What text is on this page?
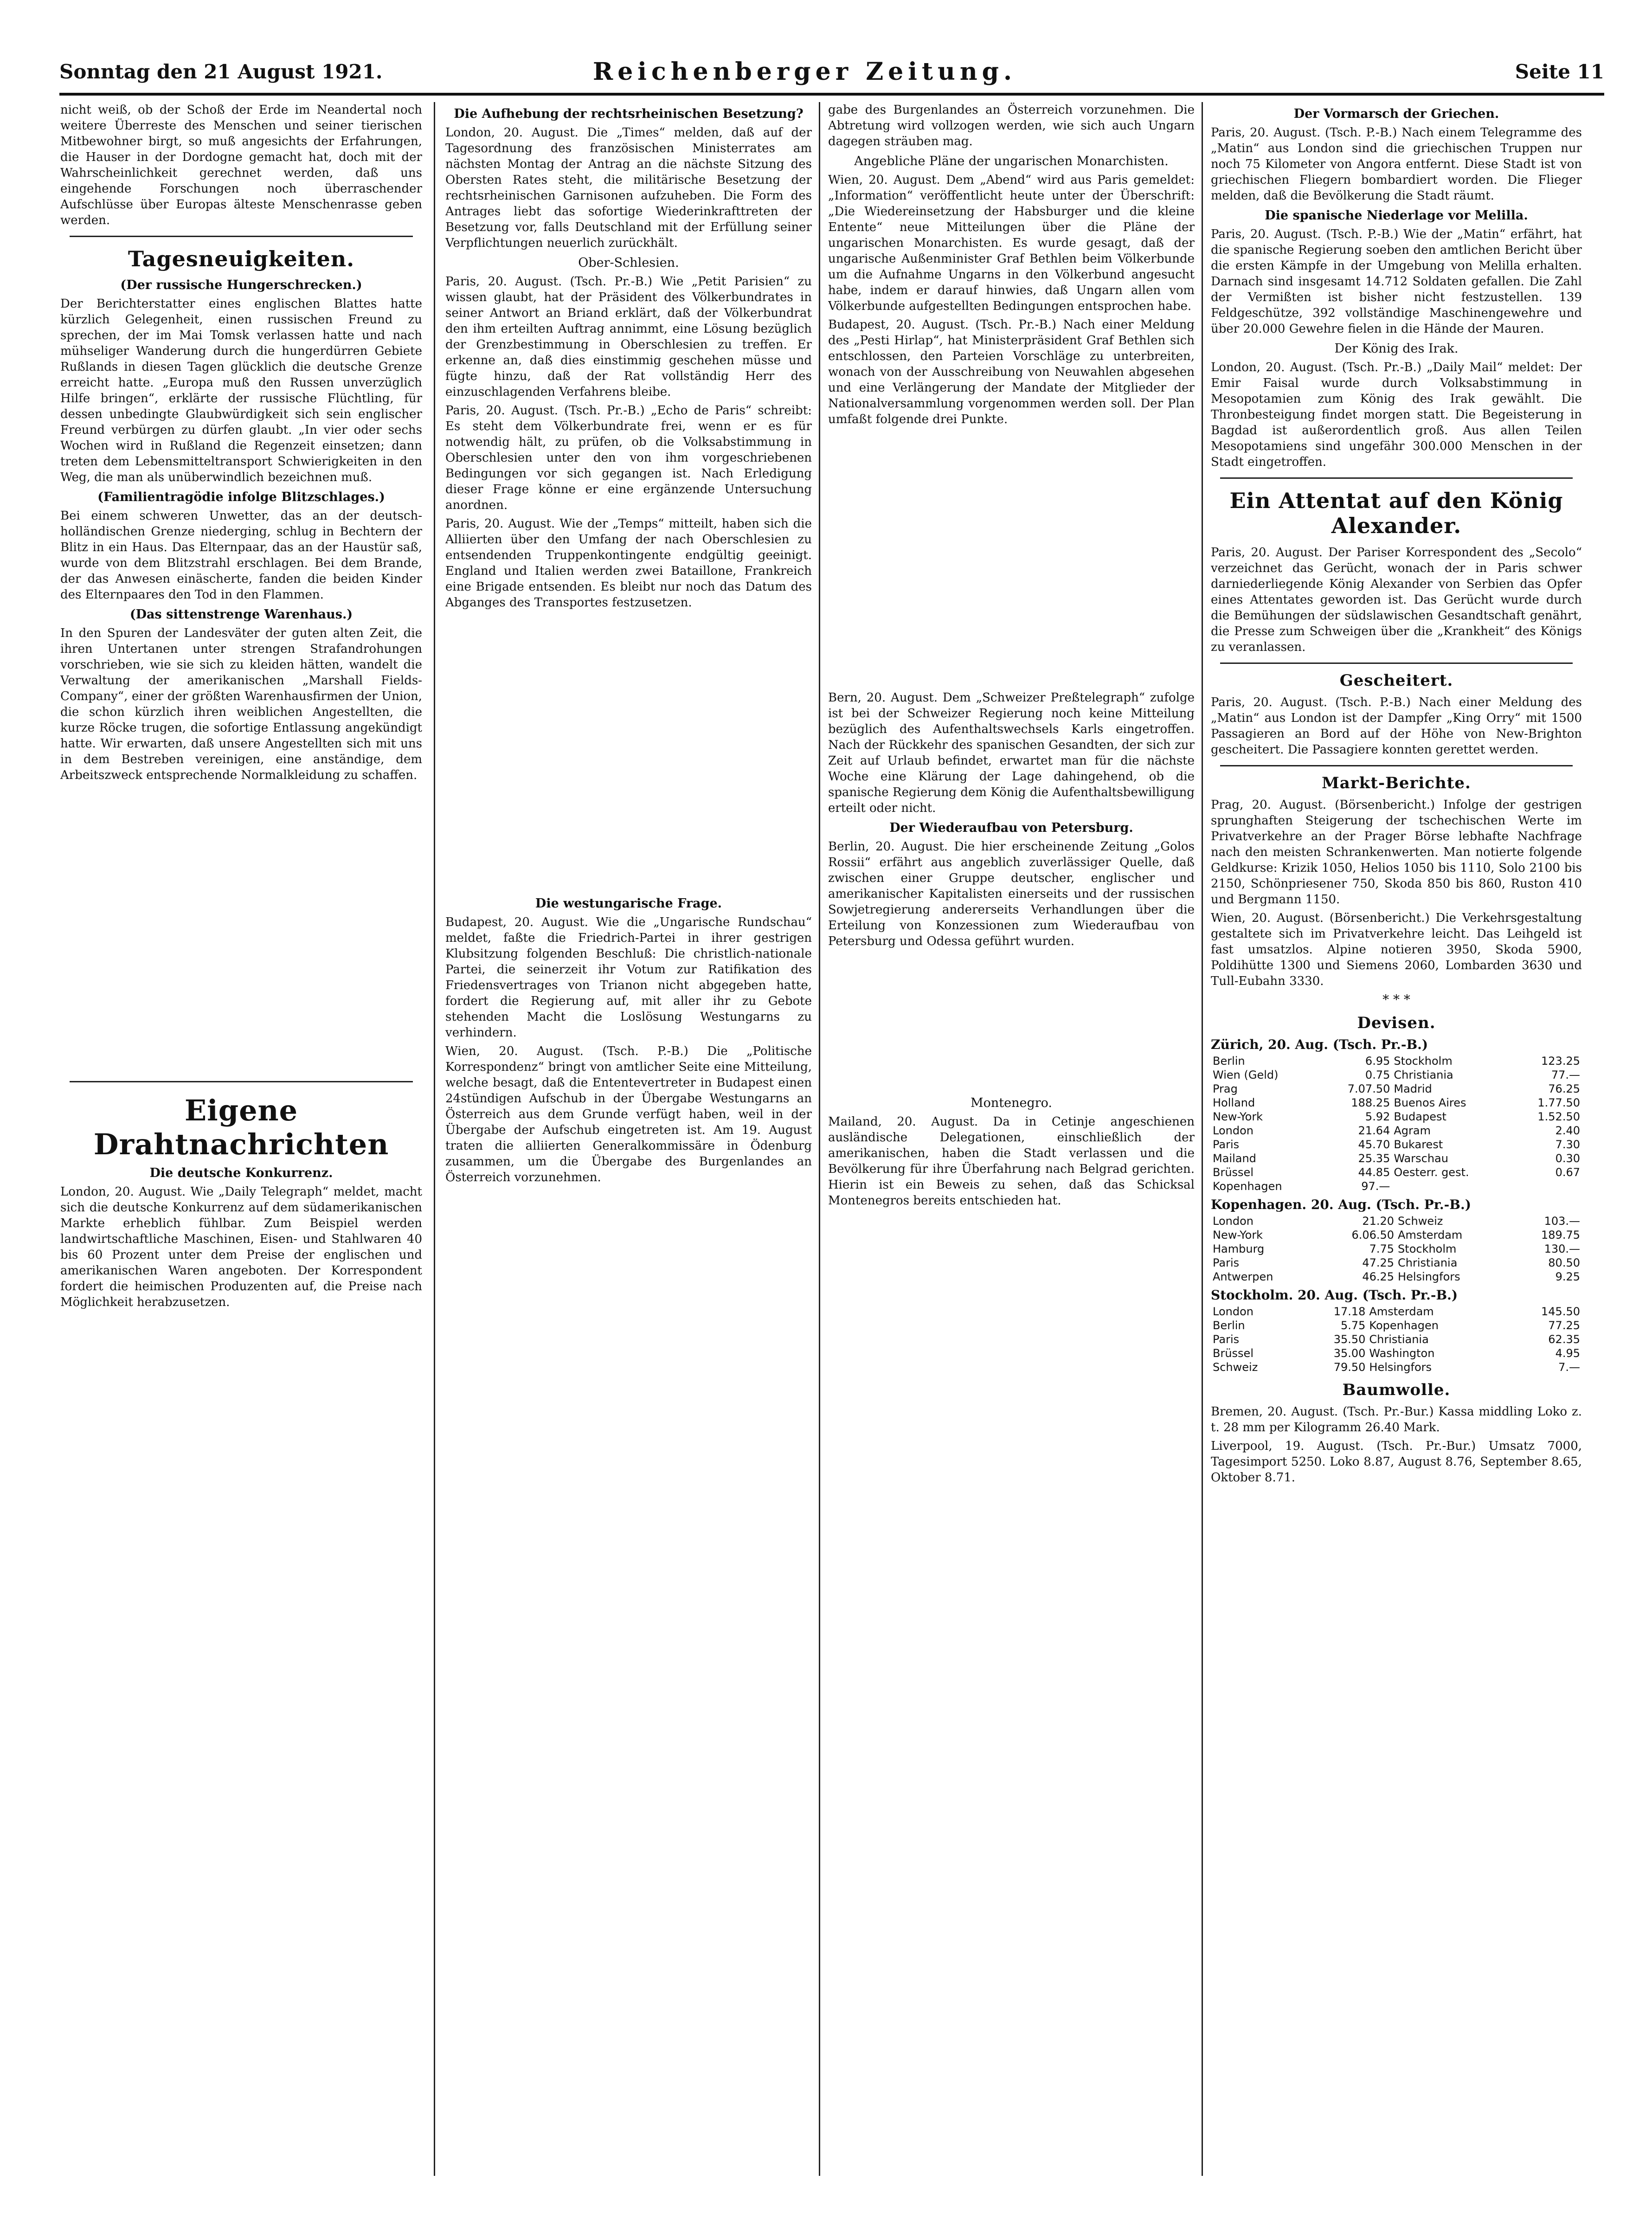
Sonntag den 21 August 1921.	Reichenberger Zeitung.	Seite 11

nicht weiß, ob der Schoß der Erde im Neandertal noch weitere Überreste des Menschen und seiner tierischen Mitbewohner birgt, so muß angesichts der Erfahrungen, die Hauser in der Dordogne gemacht hat, doch mit der Wahrscheinlichkeit gerechnet werden, daß uns eingehende Forschungen noch überraschender Aufschlüsse über Europas älteste Menschenrasse geben werden.

Tagesneuigkeiten.
(Der russische Hungerschrecken.)

Der Berichterstatter eines englischen Blattes hatte kürzlich Gelegenheit, einen russischen Freund zu sprechen, der im Mai Tomsk verlassen hatte und nach mühseliger Wanderung durch die hungerdürren Gebiete Rußlands in diesen Tagen glücklich die deutsche Grenze erreicht hatte. „Europa muß den Russen unverzüglich Hilfe bringen“, erklärte der russische Flüchtling, für dessen unbedingte Glaubwürdigkeit sich sein englischer Freund verbürgen zu dürfen glaubt. „In vier oder sechs Wochen wird in Rußland die Regenzeit einsetzen; dann treten dem Lebensmitteltransport Schwierigkeiten in den Weg, die man als unüberwindlich bezeichnen muß.

(Familientragödie infolge Blitzschlages.)

Bei einem schweren Unwetter, das an der deutsch-holländischen Grenze niederging, schlug in Bechtern der Blitz in ein Haus. Das Elternpaar, das an der Haustür saß, wurde von dem Blitzstrahl erschlagen. Bei dem Brande, der das Anwesen einäscherte, fanden die beiden Kinder des Elternpaares den Tod in den Flammen.

(Das sittenstrenge Warenhaus.)

In den Spuren der Landesväter der guten alten Zeit, die ihren Untertanen unter strengen Strafandrohungen vorschrieben, wie sie sich zu kleiden hätten, wandelt die Verwaltung der amerikanischen „Marshall Fields-Company“, einer der größten Warenhausfirmen der Union, die schon kürzlich ihren weiblichen Angestellten, die kurze Röcke trugen, die sofortige Entlassung angekündigt hatte. Wir erwarten, daß unsere Angestellten sich mit uns in dem Bestreben vereinigen, eine anständige, dem Arbeitszweck entsprechende Normalkleidung zu schaffen.

Eigene Drahtnachrichten
Die deutsche Konkurrenz.

London, 20. August. Wie „Daily Telegraph“ meldet, macht sich die deutsche Konkurrenz auf dem südamerikanischen Markte erheblich fühlbar. Zum Beispiel werden landwirtschaftliche Maschinen, Eisen- und Stahlwaren 40 bis 60 Prozent unter dem Preise der englischen und amerikanischen Waren angeboten. Der Korrespondent fordert die heimischen Produzenten auf, die Preise nach Möglichkeit herabzusetzen.

Die Aufhebung der rechtsrheinischen Besetzung?

London, 20. August. Die „Times“ melden, daß auf der Tagesordnung des französischen Ministerrates am nächsten Montag der Antrag an die nächste Sitzung des Obersten Rates steht, die militärische Besetzung der rechtsrheinischen Garnisonen aufzuheben. Die Form des Antrages liebt das sofortige Wiederinkrafttreten der Besetzung vor, falls Deutschland mit der Erfüllung seiner Verpflichtungen neuerlich zurückhält.

Ober-Schlesien.

Paris, 20. August. (Tsch. Pr.-B.) Wie „Petit Parisien“ zu wissen glaubt, hat der Präsident des Völkerbundrates in seiner Antwort an Briand erklärt, daß der Völkerbundrat den ihm erteilten Auftrag annimmt, eine Lösung bezüglich der Grenzbestimmung in Oberschlesien zu treffen. Er erkenne an, daß dies einstimmig geschehen müsse und fügte hinzu, daß der Rat vollständig Herr des einzuschlagenden Verfahrens bleibe.

Paris, 20. August. (Tsch. Pr.-B.) „Echo de Paris“ schreibt: Es steht dem Völkerbundrate frei, wenn er es für notwendig hält, zu prüfen, ob die Volksabstimmung in Oberschlesien unter den von ihm vorgeschriebenen Bedingungen vor sich gegangen ist. Nach Erledigung dieser Frage könne er eine ergänzende Untersuchung anordnen.

Paris, 20. August. Wie der „Temps“ mitteilt, haben sich die Alliierten über den Umfang der nach Oberschlesien zu entsendenden Truppenkontingente endgültig geeinigt. England und Italien werden zwei Bataillone, Frankreich eine Brigade entsenden. Es bleibt nur noch das Datum des Abganges des Transportes festzusetzen.

Die westungarische Frage.

Budapest, 20. August. Wie die „Ungarische Rundschau“ meldet, faßte die Friedrich-Partei in ihrer gestrigen Klubsitzung folgenden Beschluß: Die christlich-nationale Partei, die seinerzeit ihr Votum zur Ratifikation des Friedensvertrages von Trianon nicht abgegeben hatte, fordert die Regierung auf, mit aller ihr zu Gebote stehenden Macht die Loslösung Westungarns zu verhindern.

Wien, 20. August. (Tsch. P.-B.) Die „Politische Korrespondenz“ bringt von amtlicher Seite eine Mitteilung, welche besagt, daß die Ententevertreter in Budapest einen 24stündigen Aufschub in der Übergabe Westungarns an Österreich aus dem Grunde verfügt haben, weil in der Übergabe der Aufschub eingetreten ist. Am 19. August traten die alliierten Generalkommissäre in Ödenburg zusammen, um die Übergabe des Burgenlandes an Österreich vorzunehmen.

gabe des Burgenlandes an Österreich vorzunehmen. Die Abtretung wird vollzogen werden, wie sich auch Ungarn dagegen sträuben mag.

Angebliche Pläne der ungarischen Monarchisten.

Wien, 20. August. Dem „Abend“ wird aus Paris gemeldet: „Information“ veröffentlicht heute unter der Überschrift: „Die Wiedereinsetzung der Habsburger und die kleine Entente“ neue Mitteilungen über die Pläne der ungarischen Monarchisten. Es wurde gesagt, daß der ungarische Außenminister Graf Bethlen beim Völkerbunde um die Aufnahme Ungarns in den Völkerbund angesucht habe, indem er darauf hinwies, daß Ungarn allen vom Völkerbunde aufgestellten Bedingungen entsprochen habe.

Budapest, 20. August. (Tsch. Pr.-B.) Nach einer Meldung des „Pesti Hirlap“, hat Ministerpräsident Graf Bethlen sich entschlossen, den Parteien Vorschläge zu unterbreiten, wonach von der Ausschreibung von Neuwahlen abgesehen und eine Verlängerung der Mandate der Mitglieder der Nationalversammlung vorgenommen werden soll. Der Plan umfaßt folgende drei Punkte.

Bern, 20. August. Dem „Schweizer Preßtelegraph“ zufolge ist bei der Schweizer Regierung noch keine Mitteilung bezüglich des Aufenthaltswechsels Karls eingetroffen. Nach der Rückkehr des spanischen Gesandten, der sich zur Zeit auf Urlaub befindet, erwartet man für die nächste Woche eine Klärung der Lage dahingehend, ob die spanische Regierung dem König die Aufenthaltsbewilligung erteilt oder nicht.

Der Wiederaufbau von Petersburg.

Berlin, 20. August. Die hier erscheinende Zeitung „Golos Rossii“ erfährt aus angeblich zuverlässiger Quelle, daß zwischen einer Gruppe deutscher, englischer und amerikanischer Kapitalisten einerseits und der russischen Sowjetregierung andererseits Verhandlungen über die Erteilung von Konzessionen zum Wiederaufbau von Petersburg und Odessa geführt wurden.

Montenegro.

Mailand, 20. August. Da in Cetinje angeschienen ausländische Delegationen, einschließlich der amerikanischen, haben die Stadt verlassen und die Bevölkerung für ihre Überfahrung nach Belgrad gerichten. Hierin ist ein Beweis zu sehen, daß das Schicksal Montenegros bereits entschieden hat.

Der Vormarsch der Griechen.

Paris, 20. August. (Tsch. P.-B.) Nach einem Telegramme des „Matin“ aus London sind die griechischen Truppen nur noch 75 Kilometer von Angora entfernt. Diese Stadt ist von griechischen Fliegern bombardiert worden. Die Flieger melden, daß die Bevölkerung die Stadt räumt.

Die spanische Niederlage vor Melilla.

Paris, 20. August. (Tsch. P.-B.) Wie der „Matin“ erfährt, hat die spanische Regierung soeben den amtlichen Bericht über die ersten Kämpfe in der Umgebung von Melilla erhalten. Darnach sind insgesamt 14.712 Soldaten gefallen. Die Zahl der Vermißten ist bisher nicht festzustellen. 139 Feldgeschütze, 392 vollständige Maschinengewehre und über 20.000 Gewehre fielen in die Hände der Mauren.

Der König des Irak.

London, 20. August. (Tsch. Pr.-B.) „Daily Mail“ meldet: Der Emir Faisal wurde durch Volksabstimmung in Mesopotamien zum König des Irak gewählt. Die Thronbesteigung findet morgen statt. Die Begeisterung in Bagdad ist außerordentlich groß. Aus allen Teilen Mesopotamiens sind ungefähr 300.000 Menschen in der Stadt eingetroffen.

Ein Attentat auf den König Alexander.

Paris, 20. August. Der Pariser Korrespondent des „Secolo“ verzeichnet das Gerücht, wonach der in Paris schwer darniederliegende König Alexander von Serbien das Opfer eines Attentates geworden ist. Das Gerücht wurde durch die Bemühungen der südslawischen Gesandtschaft genährt, die Presse zum Schweigen über die „Krankheit“ des Königs zu veranlassen.

Gescheitert.

Paris, 20. August. (Tsch. P.-B.) Nach einer Meldung des „Matin“ aus London ist der Dampfer „King Orry“ mit 1500 Passagieren an Bord auf der Höhe von New-Brighton gescheitert. Die Passagiere konnten gerettet werden.

Markt-Berichte.

Prag, 20. August. (Börsenbericht.) Infolge der gestrigen sprunghaften Steigerung der tschechischen Werte im Privatverkehre an der Prager Börse lebhafte Nachfrage nach den meisten Schrankenwerten. Man notierte folgende Geldkurse: Krizik 1050, Helios 1050 bis 1110, Solo 2100 bis 2150, Schönpriesener 750, Skoda 850 bis 860, Ruston 410 und Bergmann 1150.

Wien, 20. August. (Börsenbericht.) Die Verkehrsgestaltung gestaltete sich im Privatverkehre leicht. Das Leihgeld ist fast umsatzlos. Alpine notieren 3950, Skoda 5900, Poldihütte 1300 und Siemens 2060, Lombarden 3630 und Tull-Eubahn 3330.

* * *
Devisen.
Zürich, 20. Aug. (Tsch. Pr.-B.)
Berlin	6.95	Stockholm	123.25
Wien (Geld)	0.75	Christiania	77.—
Prag	7.07.50	Madrid	76.25
Holland	188.25	Buenos Aires	1.77.50
New-York	5.92	Budapest	1.52.50
London	21.64	Agram	2.40
Paris	45.70	Bukarest	7.30
Mailand	25.35	Warschau	0.30
Brüssel	44.85	Oesterr. gest.	0.67
Kopenhagen	97.—		
Kopenhagen. 20. Aug. (Tsch. Pr.-B.)
London	21.20	Schweiz	103.—
New-York	6.06.50	Amsterdam	189.75
Hamburg	7.75	Stockholm	130.—
Paris	47.25	Christiania	80.50
Antwerpen	46.25	Helsingfors	9.25
Stockholm. 20. Aug. (Tsch. Pr.-B.)
London	17.18	Amsterdam	145.50
Berlin	5.75	Kopenhagen	77.25
Paris	35.50	Christiania	62.35
Brüssel	35.00	Washington	4.95
Schweiz	79.50	Helsingfors	7.—
Baumwolle.

Bremen, 20. August. (Tsch. Pr.-Bur.) Kassa middling Loko z. t. 28 mm per Kilogramm 26.40 Mark.

Liverpool, 19. August. (Tsch. Pr.-Bur.) Umsatz 7000, Tagesimport 5250. Loko 8.87, August 8.76, September 8.65, Oktober 8.71.
